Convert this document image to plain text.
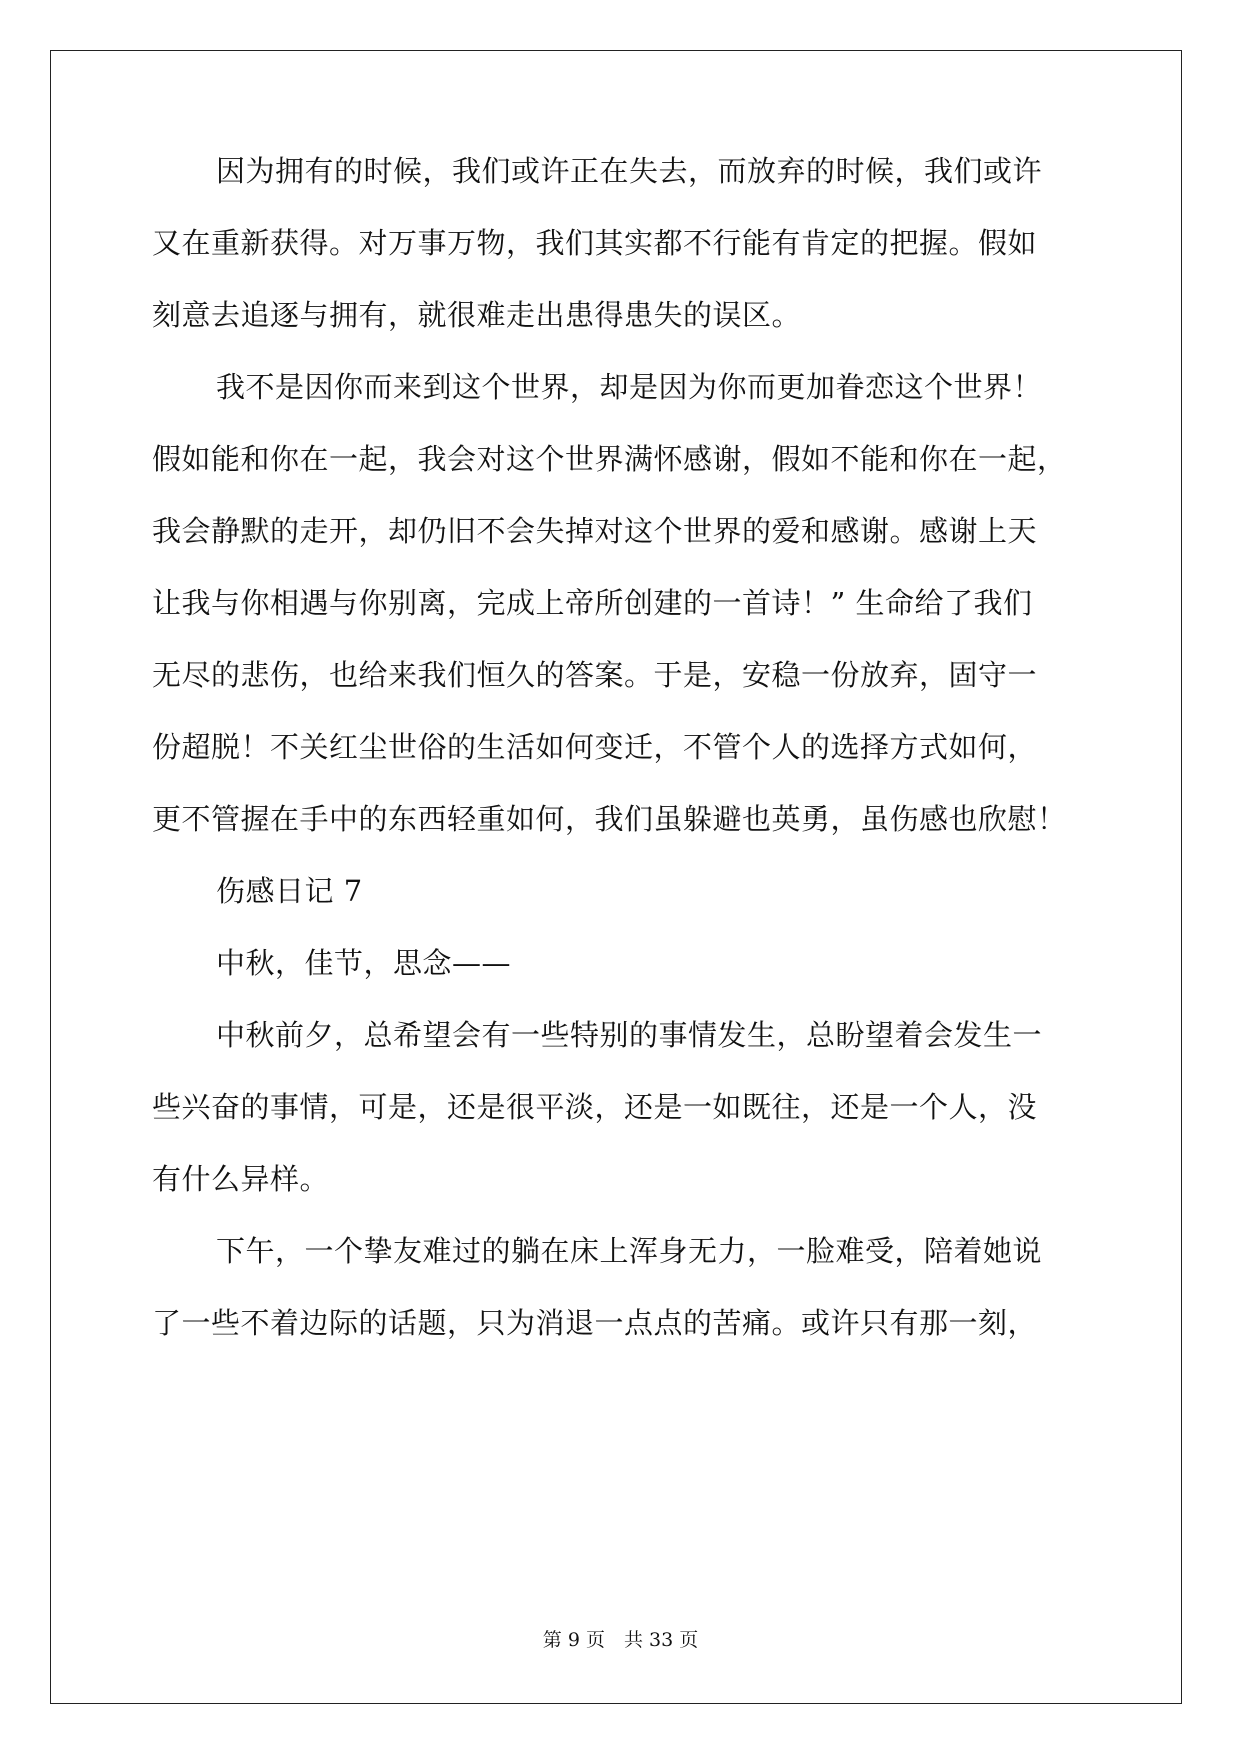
因为拥有的时候，我们或许正在失去，而放弃的时候，我们或许
又在重新获得。对万事万物，我们其实都不行能有肯定的把握。假如
刻意去追逐与拥有，就很难走出患得患失的误区。
我不是因你而来到这个世界，却是因为你而更加眷恋这个世界！
假如能和你在一起，我会对这个世界满怀感谢，假如不能和你在一起，
我会静默的走开，却仍旧不会失掉对这个世界的爱和感谢。感谢上天
让我与你相遇与你别离，完成上帝所创建的一首诗！” 生命给了我们
无尽的悲伤，也给来我们恒久的答案。于是，安稳一份放弃，固守一
份超脱！不关红尘世俗的生活如何变迁，不管个人的选择方式如何，
更不管握在手中的东西轻重如何，我们虽躲避也英勇，虽伤感也欣慰！
伤感日记 7
中秋，佳节，思念——
中秋前夕，总希望会有一些特别的事情发生，总盼望着会发生一
些兴奋的事情，可是，还是很平淡，还是一如既往，还是一个人，没
有什么异样。
下午，一个挚友难过的躺在床上浑身无力，一脸难受，陪着她说
了一些不着边际的话题，只为消退一点点的苦痛。或许只有那一刻，
第 9 页　共 33 页
